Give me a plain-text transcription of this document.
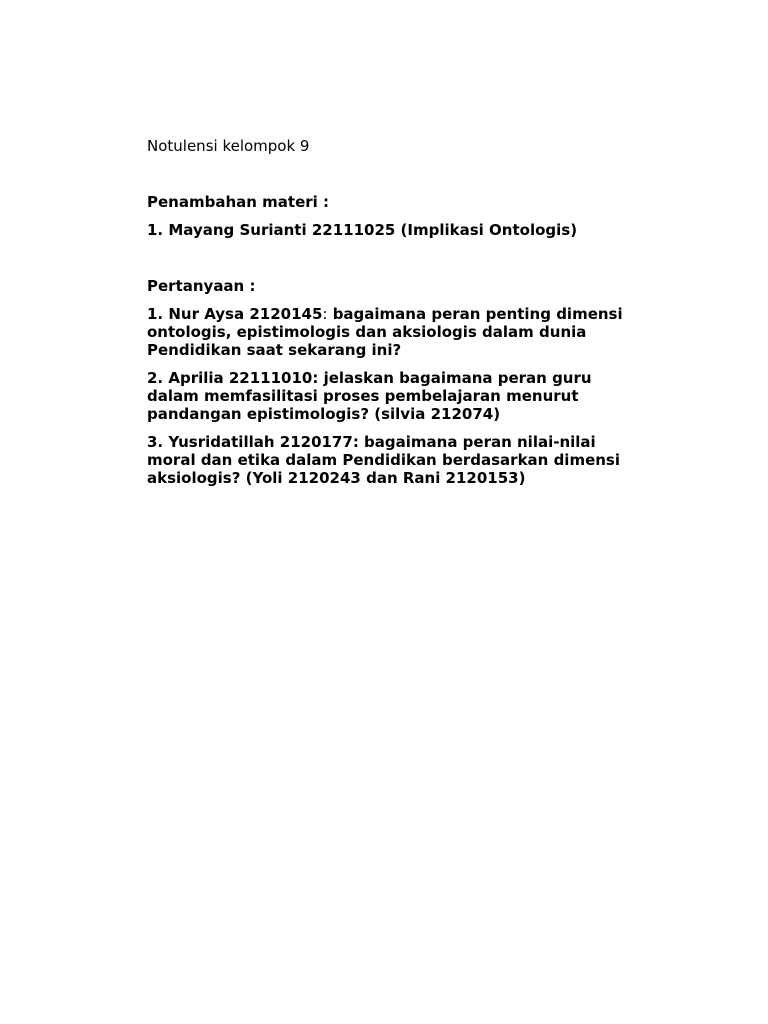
Notulensi kelompok 9

Penambahan materi :

1. Mayang Surianti 22111025 (Implikasi Ontologis)

Pertanyaan :

1. Nur Aysa 2120145: bagaimana peran penting dimensi ontologis, epistimologis dan aksiologis dalam dunia Pendidikan saat sekarang ini?

2. Aprilia 22111010: jelaskan bagaimana peran guru dalam memfasilitasi proses pembelajaran menurut pandangan epistimologis? (silvia 212074)

3. Yusridatillah 2120177: bagaimana peran nilai-nilai moral dan etika dalam Pendidikan berdasarkan dimensi aksiologis? (Yoli 2120243 dan Rani 2120153)
